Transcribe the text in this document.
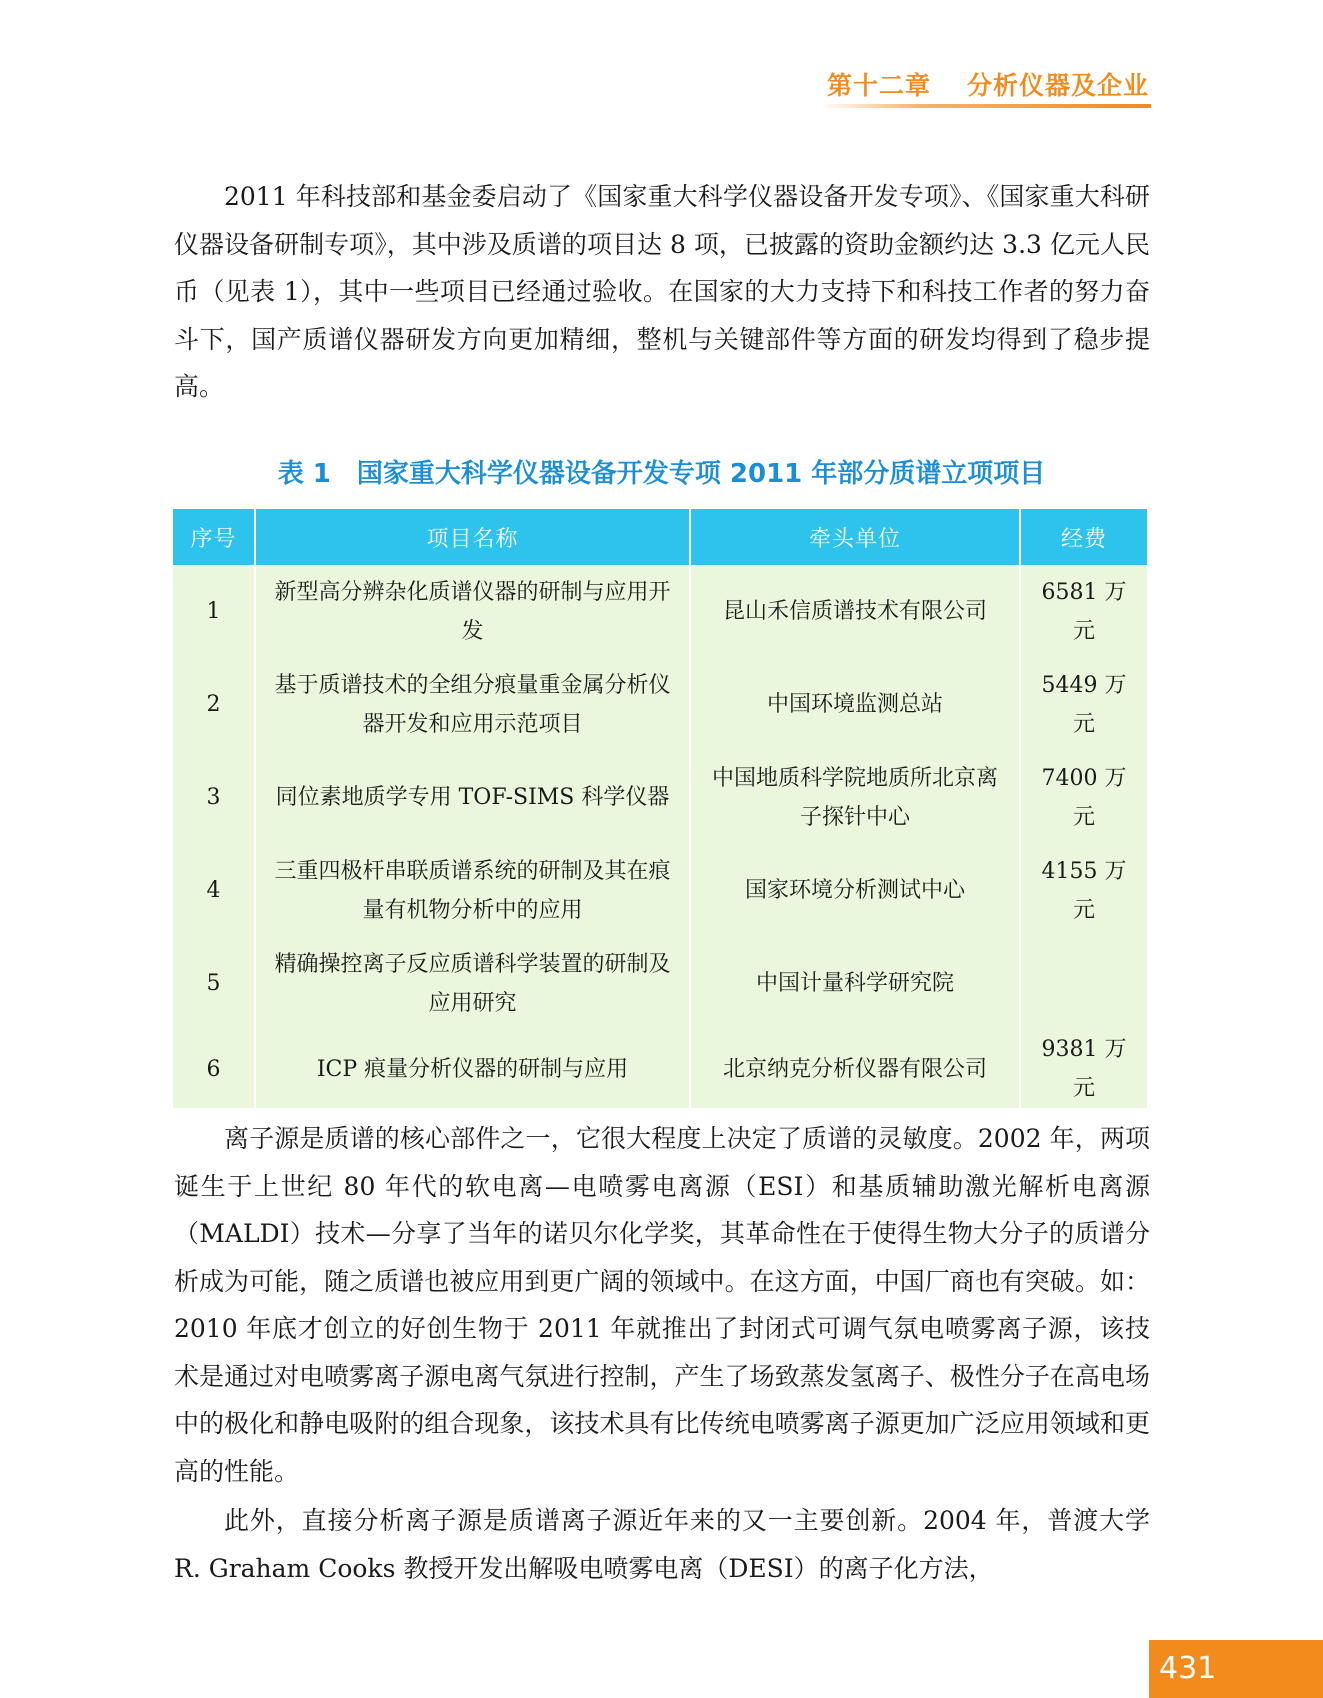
第十二章 分析仪器及企业

2011 年科技部和基金委启动了《国家重大科学仪器设备开发专项》、《国家重大科研仪器设备研制专项》，其中涉及质谱的项目达 8 项，已披露的资助金额约达 3.3 亿元人民币（见表 1），其中一些项目已经通过验收。在国家的大力支持下和科技工作者的努力奋斗下，国产质谱仪器研发方向更加精细，整机与关键部件等方面的研发均得到了稳步提高。

表 1 国家重大科学仪器设备开发专项 2011 年部分质谱立项项目
序号	项目名称	牵头单位	经费
1	新型高分辨杂化质谱仪器的研制与应用开发	昆山禾信质谱技术有限公司	6581 万元
2	基于质谱技术的全组分痕量重金属分析仪器开发和应用示范项目	中国环境监测总站	5449 万元
3	同位素地质学专用 TOF-SIMS 科学仪器	中国地质科学院地质所北京离子探针中心	7400 万元
4	三重四极杆串联质谱系统的研制及其在痕量有机物分析中的应用	国家环境分析测试中心	4155 万元
5	精确操控离子反应质谱科学装置的研制及应用研究	中国计量科学研究院	
6	ICP 痕量分析仪器的研制与应用	北京纳克分析仪器有限公司	9381 万元

离子源是质谱的核心部件之一，它很大程度上决定了质谱的灵敏度。2002 年，两项诞生于上世纪 80 年代的软电离—电喷雾电离源（ESI）和基质辅助激光解析电离源（MALDI）技术—分享了当年的诺贝尔化学奖，其革命性在于使得生物大分子的质谱分析成为可能，随之质谱也被应用到更广阔的领域中。在这方面，中国厂商也有突破。如：2010 年底才创立的好创生物于 2011 年就推出了封闭式可调气氛电喷雾离子源，该技术是通过对电喷雾离子源电离气氛进行控制，产生了场致蒸发氢离子、极性分子在高电场中的极化和静电吸附的组合现象，该技术具有比传统电喷雾离子源更加广泛应用领域和更高的性能。

此外，直接分析离子源是质谱离子源近年来的又一主要创新。2004 年，普渡大学 R. Graham Cooks 教授开发出解吸电喷雾电离（DESI）的离子化方法，

431
